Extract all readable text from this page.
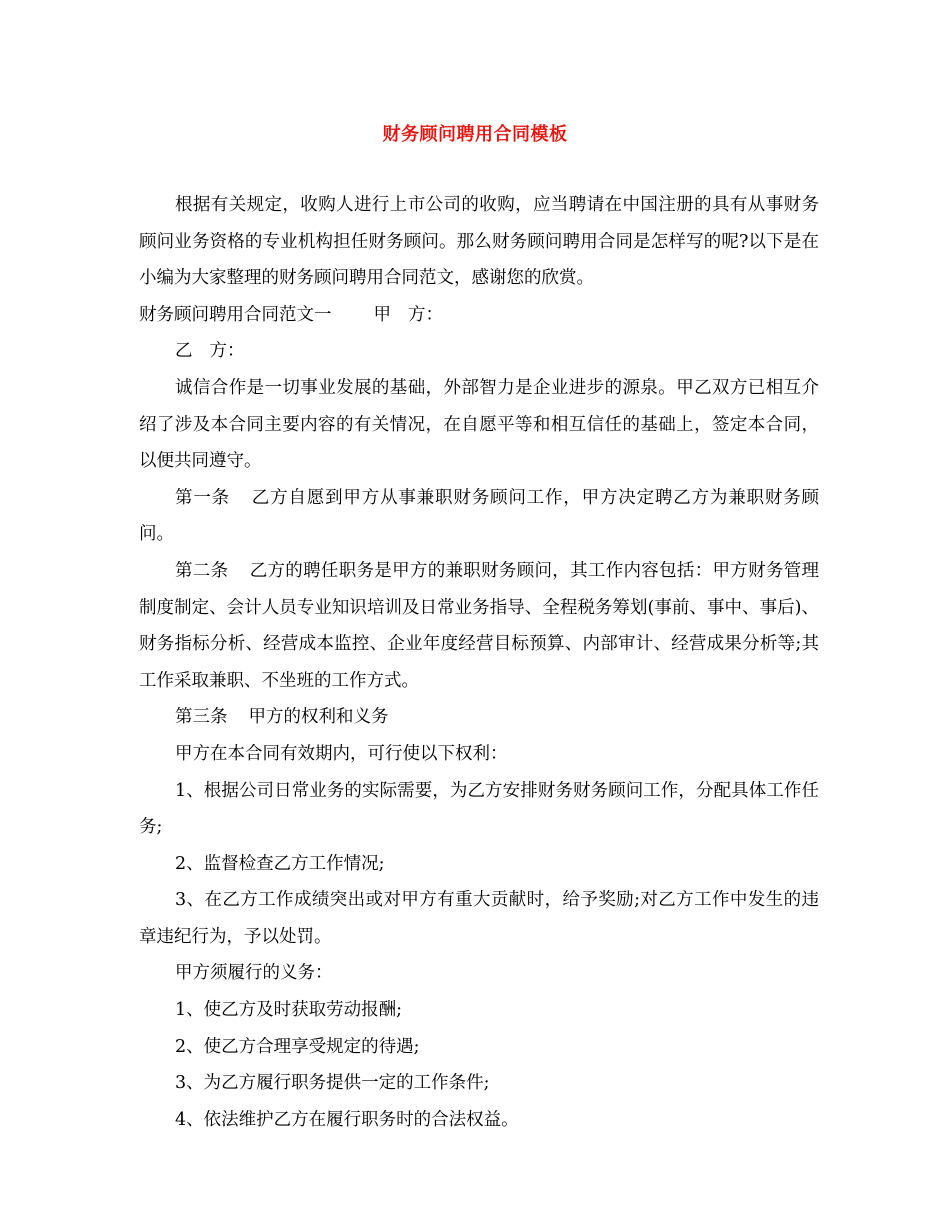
财务顾问聘用合同模板

根据有关规定，收购人进行上市公司的收购，应当聘请在中国注册的具有从事财务顾问业务资格的专业机构担任财务顾问。那么财务顾问聘用合同是怎样写的呢?以下是在小编为大家整理的财务顾问聘用合同范文，感谢您的欣赏。

财务顾问聘用合同范文一 甲 方：

乙 方：

诚信合作是一切事业发展的基础，外部智力是企业进步的源泉。甲乙双方已相互介绍了涉及本合同主要内容的有关情况，在自愿平等和相互信任的基础上，签定本合同，以便共同遵守。

第一条 乙方自愿到甲方从事兼职财务顾问工作，甲方决定聘乙方为兼职财务顾问。

第二条 乙方的聘任职务是甲方的兼职财务顾问，其工作内容包括：甲方财务管理制度制定、会计人员专业知识培训及日常业务指导、全程税务筹划(事前、事中、事后)、财务指标分析、经营成本监控、企业年度经营目标预算、内部审计、经营成果分析等;其工作采取兼职、不坐班的工作方式。

第三条 甲方的权利和义务

甲方在本合同有效期内，可行使以下权利：

1、根据公司日常业务的实际需要，为乙方安排财务财务顾问工作，分配具体工作任务;

2、监督检查乙方工作情况;

3、在乙方工作成绩突出或对甲方有重大贡献时，给予奖励;对乙方工作中发生的违章违纪行为，予以处罚。

甲方须履行的义务：

1、使乙方及时获取劳动报酬;

2、使乙方合理享受规定的待遇;

3、为乙方履行职务提供一定的工作条件;

4、依法维护乙方在履行职务时的合法权益。
